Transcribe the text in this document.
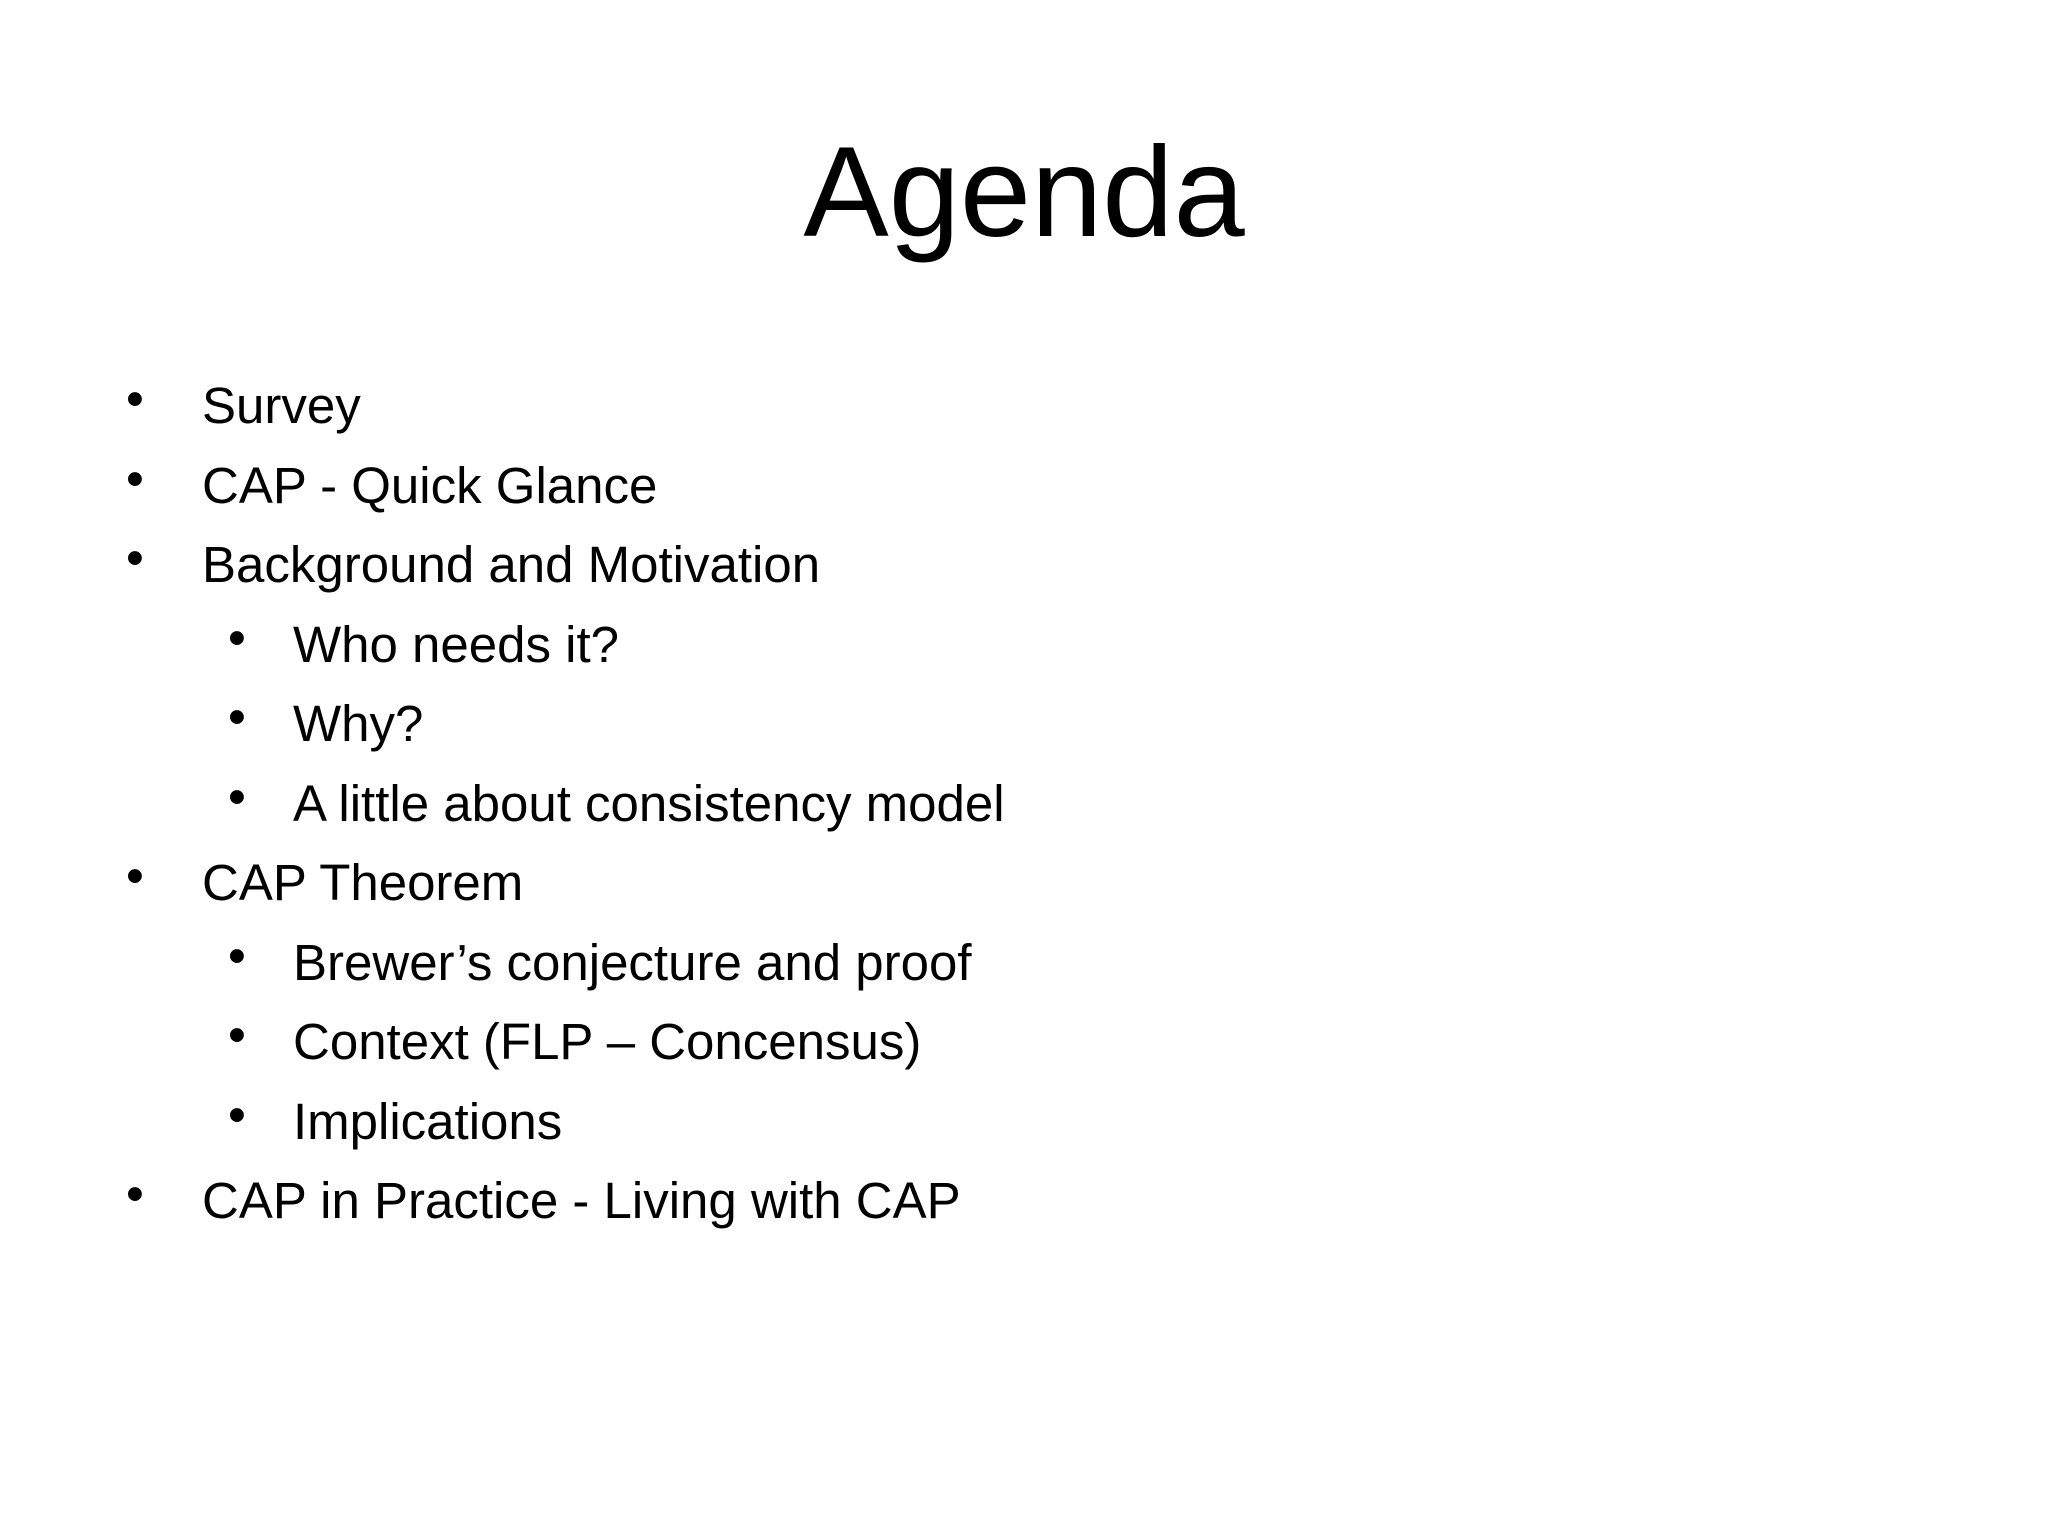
Agenda
• Survey
• CAP - Quick Glance
• Background and Motivation
• Who needs it?
• Why?
• A little about consistency model
• CAP Theorem
• Brewer’s conjecture and proof
• Context (FLP – Concensus)
• Implications
• CAP in Practice - Living with CAP
